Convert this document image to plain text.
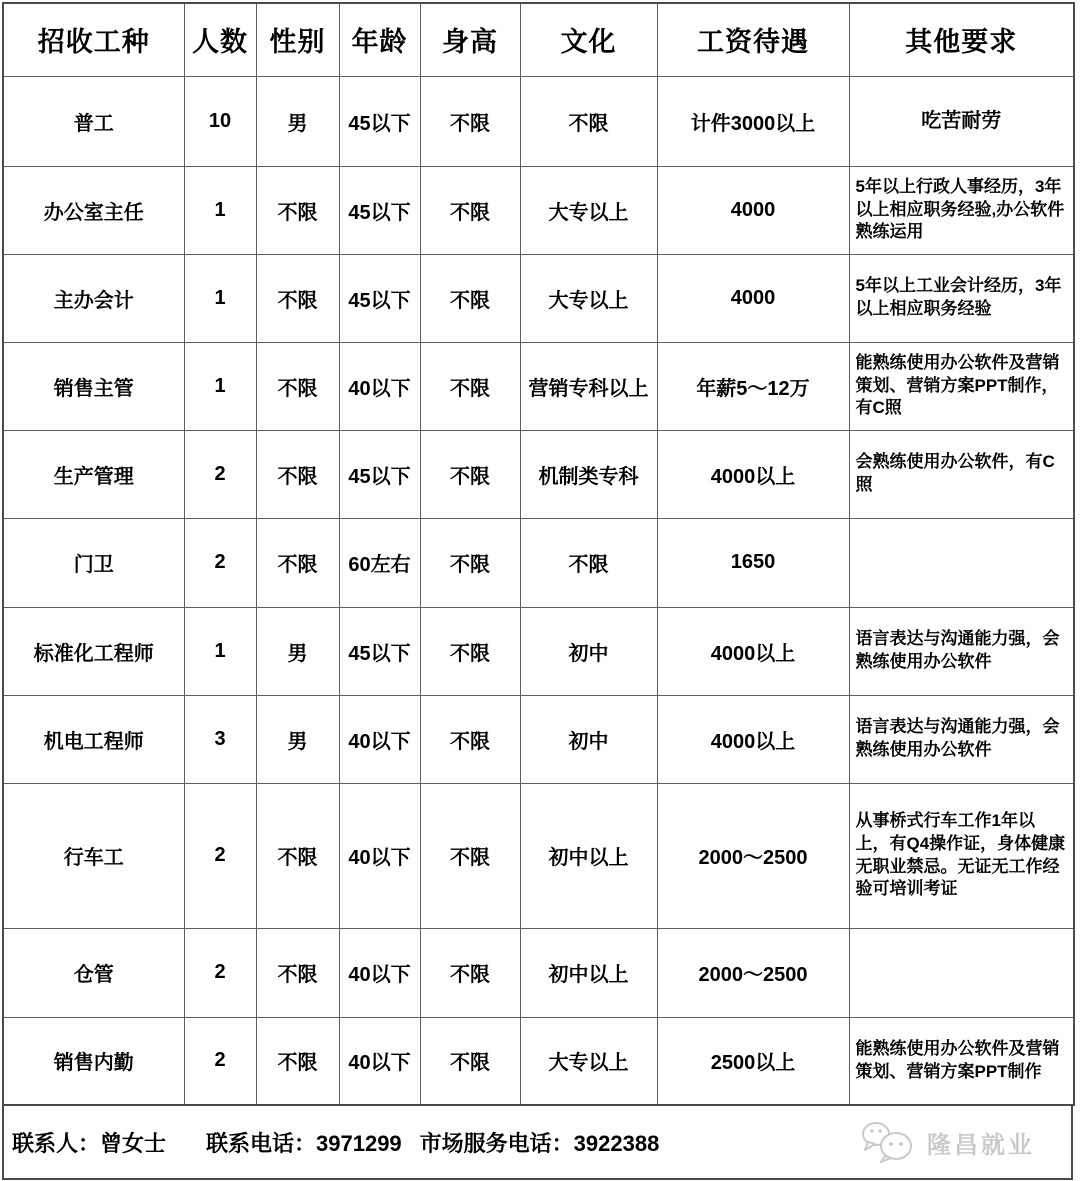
招收工种	人数	性别	年龄	身高	文化	工资待遇	其他要求
普工	10	男	45以下	不限	不限	计件3000以上	吃苦耐劳
办公室主任	1	不限	45以下	不限	大专以上	4000	5年以上行政人事经历，3年以上相应职务经验,办公软件熟练运用
主办会计	1	不限	45以下	不限	大专以上	4000	5年以上工业会计经历，3年以上相应职务经验
销售主管	1	不限	40以下	不限	营销专科以上	年薪5～12万	能熟练使用办公软件及营销策划、营销方案PPT制作，有C照
生产管理	2	不限	45以下	不限	机制类专科	4000以上	会熟练使用办公软件，有C照
门卫	2	不限	60左右	不限	不限	1650	
标准化工程师	1	男	45以下	不限	初中	4000以上	语言表达与沟通能力强，会熟练使用办公软件
机电工程师	3	男	40以下	不限	初中	4000以上	语言表达与沟通能力强，会熟练使用办公软件
行车工	2	不限	40以下	不限	初中以上	2000～2500	从事桥式行车工作1年以上，有Q4操作证，身体健康无职业禁忌。无证无工作经验可培训考证
仓管	2	不限	40以下	不限	初中以上	2000～2500	
销售内勤	2	不限	40以下	不限	大专以上	2500以上	能熟练使用办公软件及营销策划、营销方案PPT制作
联系人：曾女士 联系电话：3971299 市场服务电话：3922388	隆昌就业
